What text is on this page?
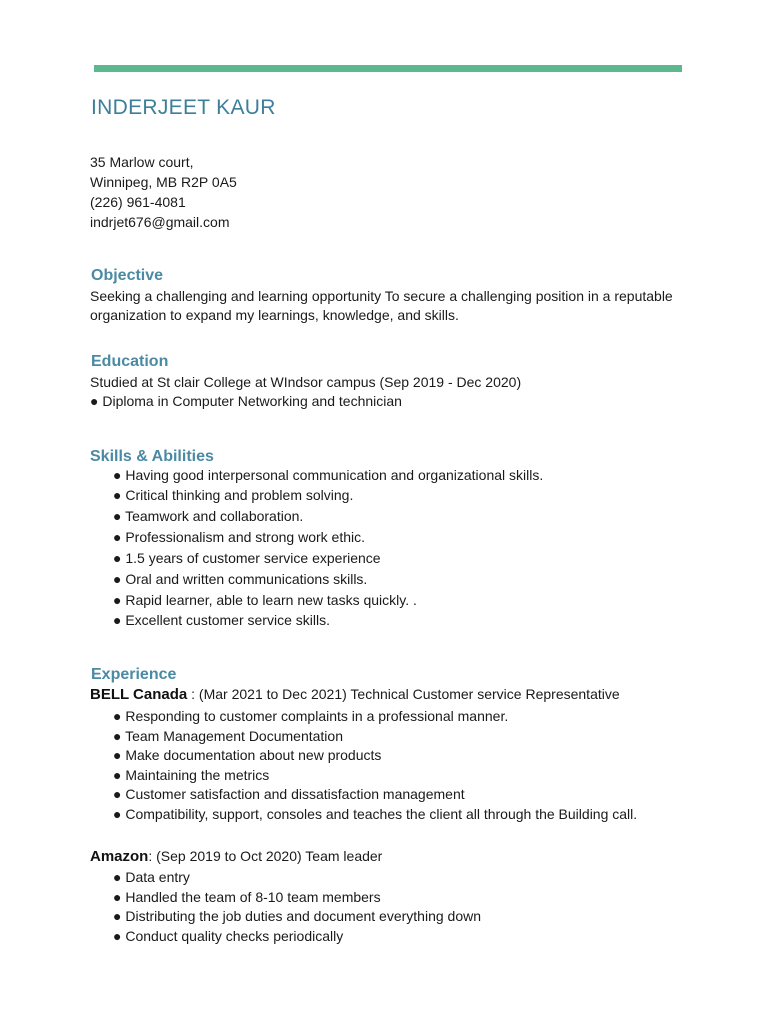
INDERJEET KAUR
35 Marlow court,
Winnipeg, MB R2P 0A5
(226) 961-4081
indrjet676@gmail.com
Objective
Seeking a challenging and learning opportunity To secure a challenging position in a reputable
organization to expand my learnings, knowledge, and skills.
Education
Studied at St clair College at WIndsor campus (Sep 2019 - Dec 2020)
● Diploma in Computer Networking and technician
Skills & Abilities
● Having good interpersonal communication and organizational skills.
● Critical thinking and problem solving.
● Teamwork and collaboration.
● Professionalism and strong work ethic.
● 1.5 years of customer service experience
● Oral and written communications skills.
● Rapid learner, able to learn new tasks quickly. .
● Excellent customer service skills.
Experience
BELL Canada : (Mar 2021 to Dec 2021) Technical Customer service Representative
● Responding to customer complaints in a professional manner.
● Team Management Documentation
● Make documentation about new products
● Maintaining the metrics
● Customer satisfaction and dissatisfaction management
● Compatibility, support, consoles and teaches the client all through the Building call.
Amazon: (Sep 2019 to Oct 2020) Team leader
● Data entry
● Handled the team of 8-10 team members
● Distributing the job duties and document everything down
● Conduct quality checks periodically
